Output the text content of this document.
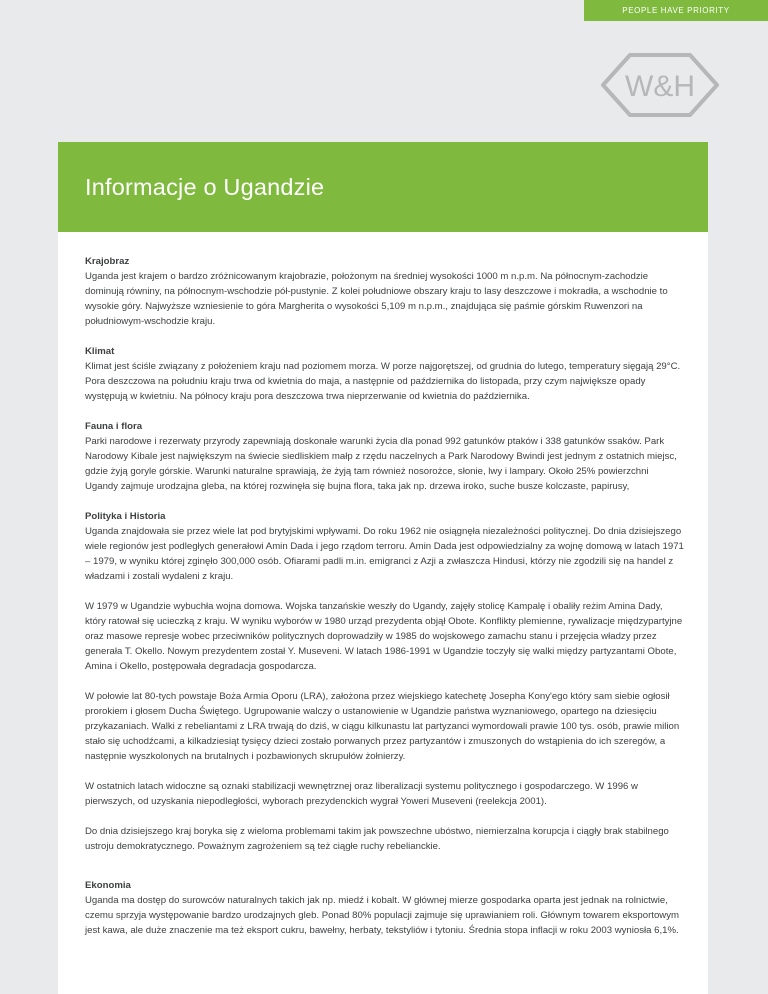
PEOPLE HAVE PRIORITY
W&H
Informacje o Ugandzie
Krajobraz

Uganda jest krajem o bardzo zróżnicowanym krajobrazie, położonym na średniej wysokości 1000 m n.p.m. Na północnym-zachodzie dominują równiny, na północnym-wschodzie pół-pustynie. Z kolei południowe obszary kraju to lasy deszczowe i mokradła, a wschodnie to wysokie góry. Najwyższe wzniesienie to góra Margherita o wysokości 5,109 m n.p.m., znajdująca się paśmie górskim Ruwenzori na południowym-wschodzie kraju.

Klimat

Klimat jest ściśle związany z położeniem kraju nad poziomem morza. W porze najgorętszej, od grudnia do lutego, temperatury sięgają 29°C. Pora deszczowa na południu kraju trwa od kwietnia do maja, a następnie od października do listopada, przy czym największe opady występują w kwietniu. Na północy kraju pora deszczowa trwa nieprzerwanie od kwietnia do października.

Fauna i flora

Parki narodowe i rezerwaty przyrody zapewniają doskonałe warunki życia dla ponad 992 gatunków ptaków i 338 gatunków ssaków. Park Narodowy Kibale jest największym na świecie siedliskiem małp z rzędu naczelnych a Park Narodowy Bwindi jest jednym z ostatnich miejsc, gdzie żyją goryle górskie. Warunki naturalne sprawiają, że żyją tam również nosorożce, słonie, lwy i lampary. Około 25% powierzchni Ugandy zajmuje urodzajna gleba, na której rozwinęła się bujna flora, taka jak np. drzewa iroko, suche busze kolczaste, papirusy,

Polityka i Historia

Uganda znajdowała sie przez wiele lat pod brytyjskimi wpływami. Do roku 1962 nie osiągnęła niezależności politycznej. Do dnia dzisiejszego wiele regionów jest podległych generałowi Amin Dada i jego rządom terroru. Amin Dada jest odpowiedzialny za wojnę domową w latach 1971 – 1979, w wyniku której zginęło 300,000 osób. Ofiarami padli m.in. emigranci z Azji a zwłaszcza Hindusi, którzy nie zgodzili się na handel z władzami i zostali wydaleni z kraju.

W 1979 w Ugandzie wybuchła wojna domowa. Wojska tanzańskie weszły do Ugandy, zajęły stolicę Kampalę i obaliły reżim Amina Dady, który ratował się ucieczką z kraju. W wyniku wyborów w 1980 urząd prezydenta objął Obote. Konflikty plemienne, rywalizacje międzypartyjne oraz masowe represje wobec przeciwników politycznych doprowadziły w 1985 do wojskowego zamachu stanu i przejęcia władzy przez generała T. Okello. Nowym prezydentem został Y. Museveni. W latach 1986-1991 w Ugandzie toczyły się walki między partyzantami Obote, Amina i Okello, postępowała degradacja gospodarcza.

W połowie lat 80-tych powstaje Boża Armia Oporu (LRA), założona przez wiejskiego katechetę Josepha Kony'ego który sam siebie ogłosił prorokiem i głosem Ducha Świętego. Ugrupowanie walczy o ustanowienie w Ugandzie państwa wyznaniowego, opartego na dziesięciu przykazaniach. Walki z rebeliantami z LRA trwają do dziś, w ciągu kilkunastu lat partyzanci wymordowali prawie 100 tys. osób, prawie milion stało się uchodźcami, a kilkadziesiąt tysięcy dzieci zostało porwanych przez partyzantów i zmuszonych do wstąpienia do ich szeregów, a następnie wyszkolonych na brutalnych i pozbawionych skrupułów żołnierzy.

W ostatnich latach widoczne są oznaki stabilizacji wewnętrznej oraz liberalizacji systemu politycznego i gospodarczego. W 1996 w pierwszych, od uzyskania niepodległości, wyborach prezydenckich wygrał Yoweri Museveni (reelekcja 2001).

Do dnia dzisiejszego kraj boryka się z wieloma problemami takim jak powszechne ubóstwo, niemierzalna korupcja i ciągły brak stabilnego ustroju demokratycznego. Poważnym zagrożeniem są też ciągłe ruchy rebelianckie.

Ekonomia

Uganda ma dostęp do surowców naturalnych takich jak np. miedź i kobalt. W głównej mierze gospodarka oparta jest jednak na rolnictwie, czemu sprzyja występowanie bardzo urodzajnych gleb. Ponad 80% populacji zajmuje się uprawianiem roli. Głównym towarem eksportowym jest kawa, ale duże znaczenie ma też eksport cukru, bawełny, herbaty, tekstyliów i tytoniu. Średnia stopa inflacji w roku 2003 wyniosła 6,1%.
